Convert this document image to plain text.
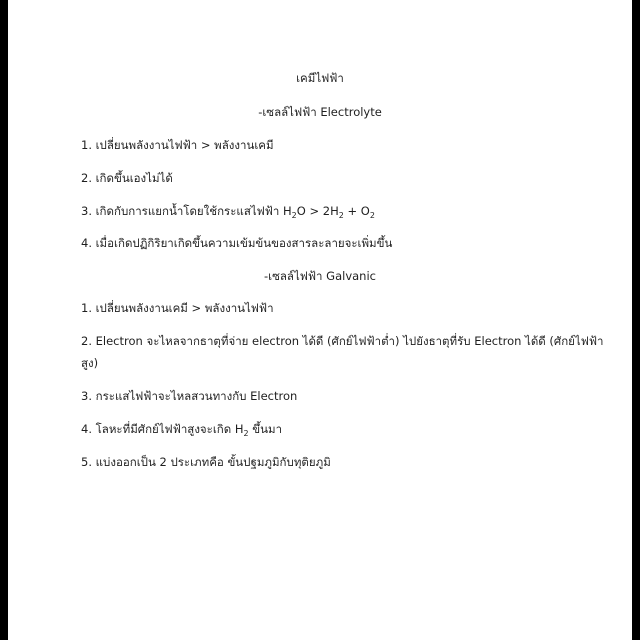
เคมีไฟฟ้า
-เซลล์ไฟฟ้า Electrolyte
1. เปลี่ยนพลังงานไฟฟ้า > พลังงานเคมี
2. เกิดขึ้นเองไม่ได้
3. เกิดกับการแยกน้ำโดยใช้กระแสไฟฟ้า $H_2O > 2H_2 + O_2$
4. เมื่อเกิดปฏิกิริยาเกิดขึ้นความเข้มข้นของสารละลายจะเพิ่มขึ้น
-เซลล์ไฟฟ้า Galvanic
1. เปลี่ยนพลังงานเคมี > พลังงานไฟฟ้า
2. Electron จะไหลจากธาตุที่จ่าย electron ได้ดี (ศักย์ไฟฟ้าต่ำ) ไปยังธาตุที่รับ Electron ได้ดี (ศักย์ไฟฟ้า
สูง)
3. กระแสไฟฟ้าจะไหลสวนทางกับ Electron
4. โลหะที่มีศักย์ไฟฟ้าสูงจะเกิด $H_2$ ขึ้นมา
5. แบ่งออกเป็น 2 ประเภทคือ ขั้นปฐมภูมิกับทุติยภูมิ
